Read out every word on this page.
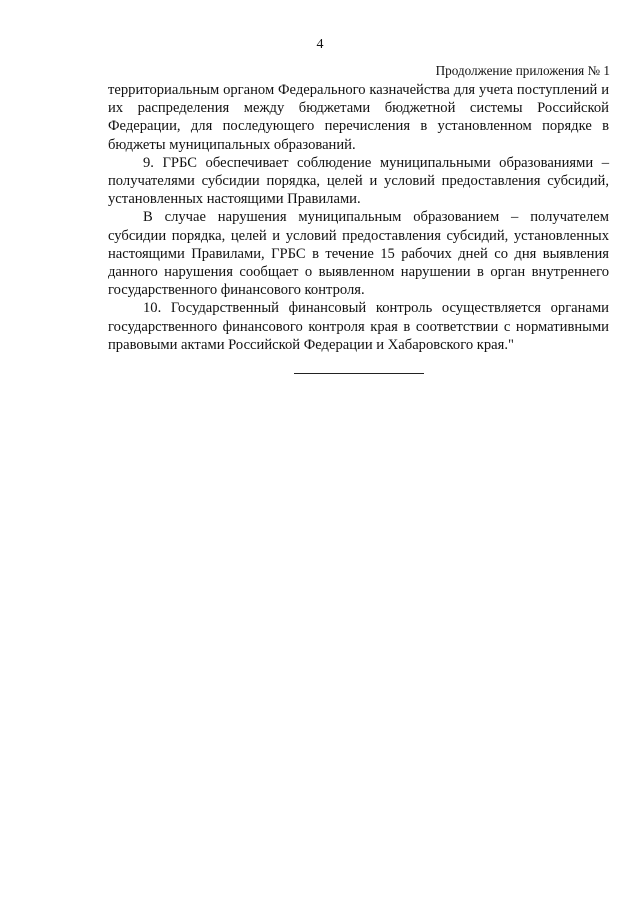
4
Продолжение приложения № 1

территориальным органом Федерального казначейства для учета поступлений и их распределения между бюджетами бюджетной системы Российской Федерации, для последующего перечисления в установленном порядке в бюджеты муниципальных образований.

9. ГРБС обеспечивает соблюдение муниципальными образованиями – получателями субсидии порядка, целей и условий предоставления субсидий, установленных настоящими Правилами.

В случае нарушения муниципальным образованием – получателем субсидии порядка, целей и условий предоставления субсидий, установленных настоящими Правилами, ГРБС в течение 15 рабочих дней со дня выявления данного нарушения сообщает о выявленном нарушении в орган внутреннего государственного финансового контроля.

10. Государственный финансовый контроль осуществляется органами государственного финансового контроля края в соответствии с нормативными правовыми актами Российской Федерации и Хабаровского края."
